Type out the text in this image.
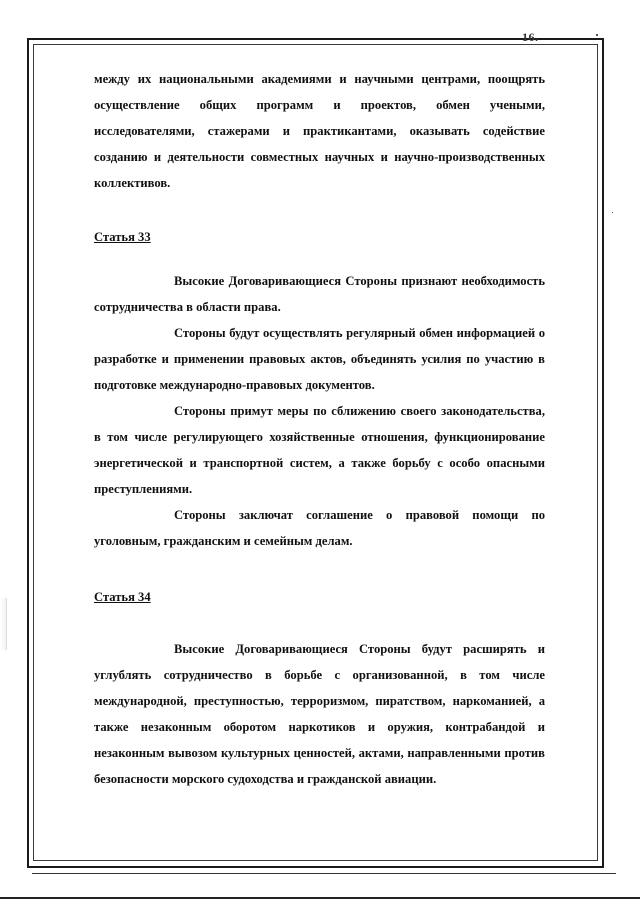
16.

между их национальными академиями и научными центрами, поощрять осуществление общих программ и проектов, обмен учеными, исследователями, стажерами и практикантами, оказывать содействие созданию и деятельности совместных научных и научно-производственных коллективов.

Статья 33

Высокие Договаривающиеся Стороны признают необходимость сотрудничества в области права.

Стороны будут осуществлять регулярный обмен информацией о разработке и применении правовых актов, объединять усилия по участию в подготовке международно-правовых документов.

Стороны примут меры по сближению своего законодательства, в том числе регулирующего хозяйственные отношения, функционирование энергетической и транспортной систем, а также борьбу с особо опасными преступлениями.

Стороны заключат соглашение о правовой помощи по уголовным, гражданским и семейным делам.

Статья 34

Высокие Договаривающиеся Стороны будут расширять и углублять сотрудничество в борьбе с организованной, в том числе международной, преступностью, терроризмом, пиратством, наркоманией, а также незаконным оборотом наркотиков и оружия, контрабандой и незаконным вывозом культурных ценностей, актами, направленными против безопасности морского судоходства и гражданской авиации.
